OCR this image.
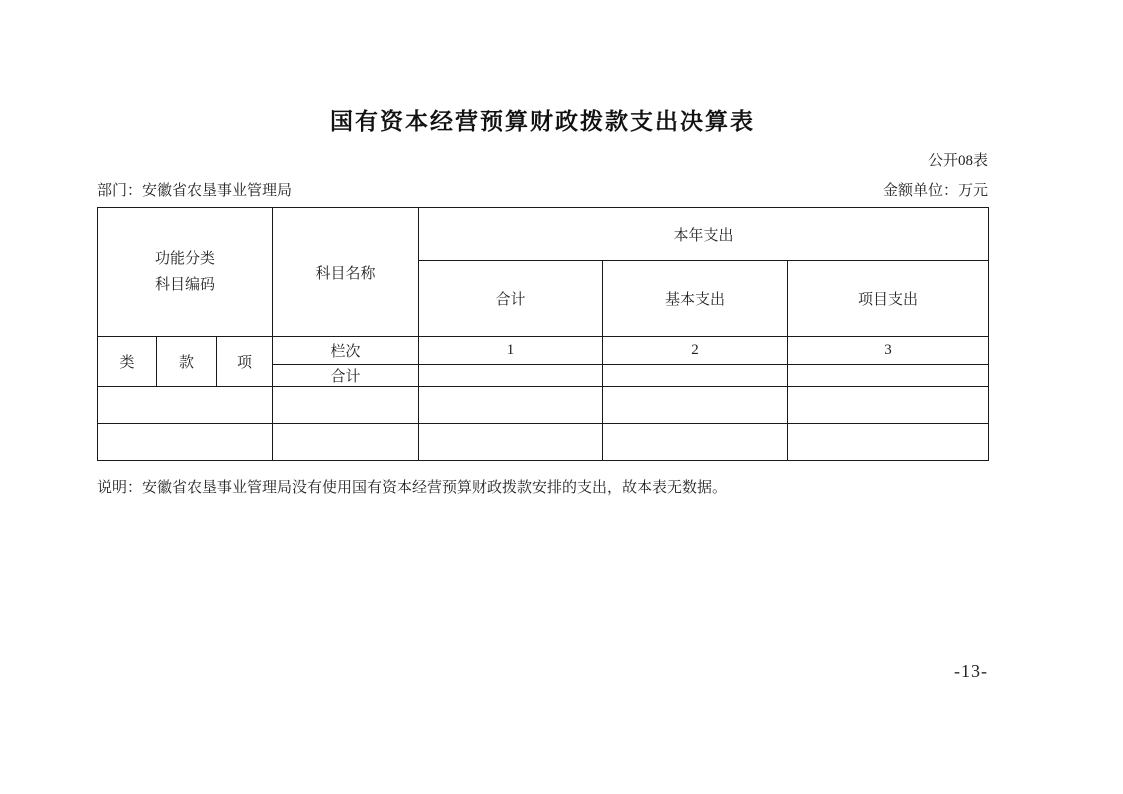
国有资本经营预算财政拨款支出决算表
公开08表
部门：安徽省农垦事业管理局	金额单位：万元
功能分类
科目编码			科目名称	本年支出		
				合计	基本支出	项目支出
类	款	项	栏次	1	2	3
			合计			

说明：安徽省农垦事业管理局没有使用国有资本经营预算财政拨款安排的支出，故本表无数据。
-13-
